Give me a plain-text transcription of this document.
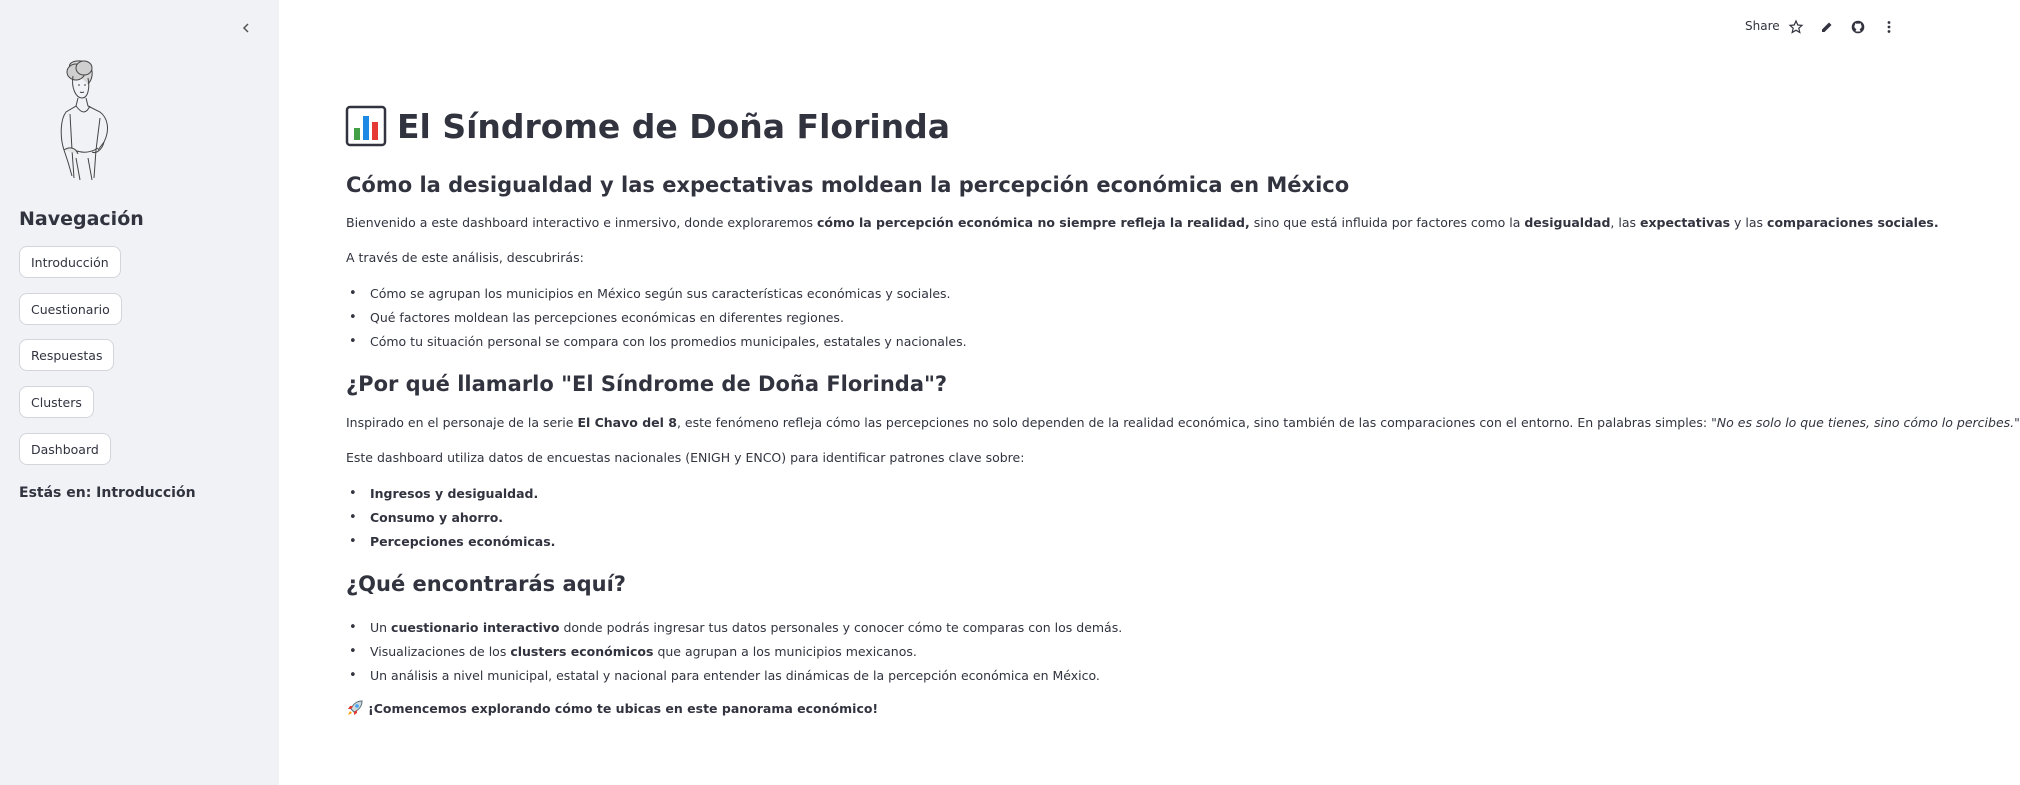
Navegación
Introducción
Cuestionario
Respuestas
Clusters
Dashboard
Estás en: Introducción
Share
El Síndrome de Doña Florinda
Cómo la desigualdad y las expectativas moldean la percepción económica en México
Bienvenido a este dashboard interactivo e inmersivo, donde exploraremos cómo la percepción económica no siempre refleja la realidad, sino que está influida por factores como la desigualdad, las expectativas y las comparaciones sociales.
A través de este análisis, descubrirás:
• Cómo se agrupan los municipios en México según sus características económicas y sociales.
• Qué factores moldean las percepciones económicas en diferentes regiones.
• Cómo tu situación personal se compara con los promedios municipales, estatales y nacionales.
¿Por qué llamarlo "El Síndrome de Doña Florinda"?
Inspirado en el personaje de la serie El Chavo del 8, este fenómeno refleja cómo las percepciones no solo dependen de la realidad económica, sino también de las comparaciones con el entorno. En palabras simples: "No es solo lo que tienes, sino cómo lo percibes."
Este dashboard utiliza datos de encuestas nacionales (ENIGH y ENCO) para identificar patrones clave sobre:
• Ingresos y desigualdad.
• Consumo y ahorro.
• Percepciones económicas.
¿Qué encontrarás aquí?
• Un cuestionario interactivo donde podrás ingresar tus datos personales y conocer cómo te comparas con los demás.
• Visualizaciones de los clusters económicos que agrupan a los municipios mexicanos.
• Un análisis a nivel municipal, estatal y nacional para entender las dinámicas de la percepción económica en México.
¡Comencemos explorando cómo te ubicas en este panorama económico!
